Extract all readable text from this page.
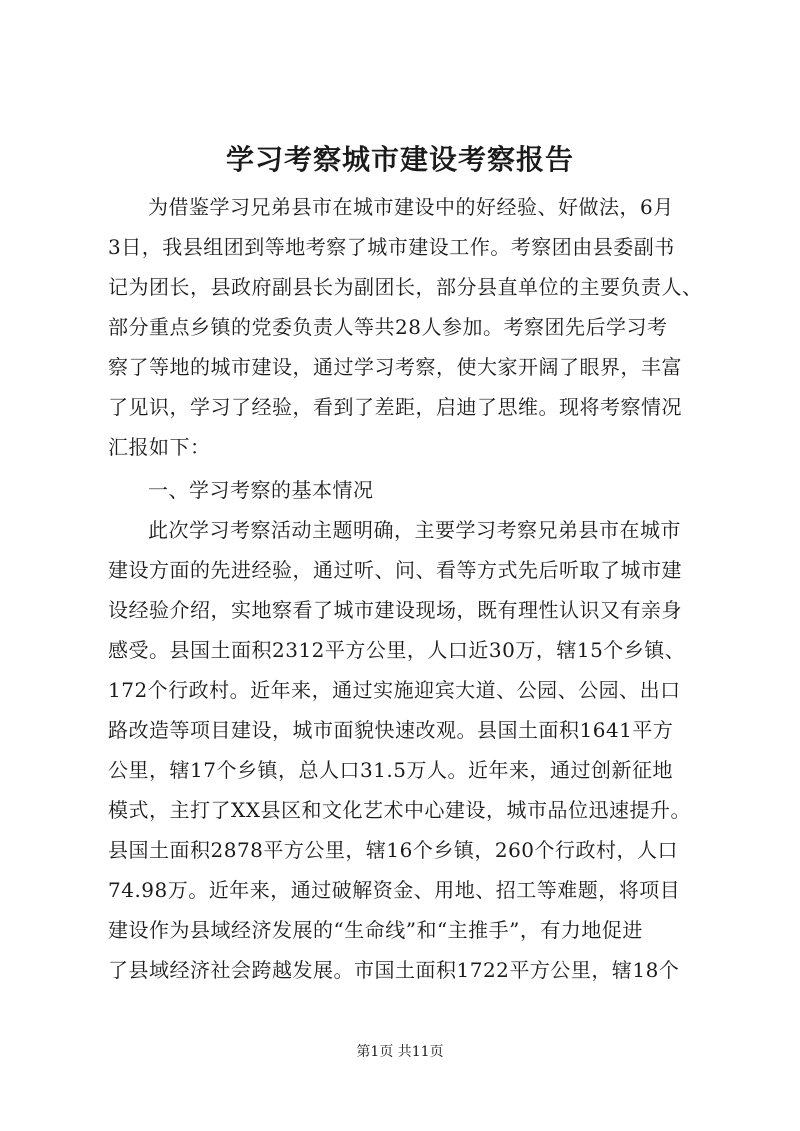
学习考察城市建设考察报告
为借鉴学习兄弟县市在城市建设中的好经验、好做法，6月
3日，我县组团到等地考察了城市建设工作。考察团由县委副书
记为团长，县政府副县长为副团长，部分县直单位的主要负责人、
部分重点乡镇的党委负责人等共28人参加。考察团先后学习考
察了等地的城市建设，通过学习考察，使大家开阔了眼界，丰富
了见识，学习了经验，看到了差距，启迪了思维。现将考察情况
汇报如下：
一、学习考察的基本情况
此次学习考察活动主题明确，主要学习考察兄弟县市在城市
建设方面的先进经验，通过听、问、看等方式先后听取了城市建
设经验介绍，实地察看了城市建设现场，既有理性认识又有亲身
感受。县国土面积2312平方公里，人口近30万，辖15个乡镇、
172个行政村。近年来，通过实施迎宾大道、公园、公园、出口
路改造等项目建设，城市面貌快速改观。县国土面积1641平方
公里，辖17个乡镇，总人口31.5万人。近年来，通过创新征地
模式，主打了XX县区和文化艺术中心建设，城市品位迅速提升。
县国土面积2878平方公里，辖16个乡镇，260个行政村，人口
74.98万。近年来，通过破解资金、用地、招工等难题，将项目
建设作为县域经济发展的“生命线”和“主推手”，有力地促进
了县域经济社会跨越发展。市国土面积1722平方公里，辖18个
第1页 共11页
